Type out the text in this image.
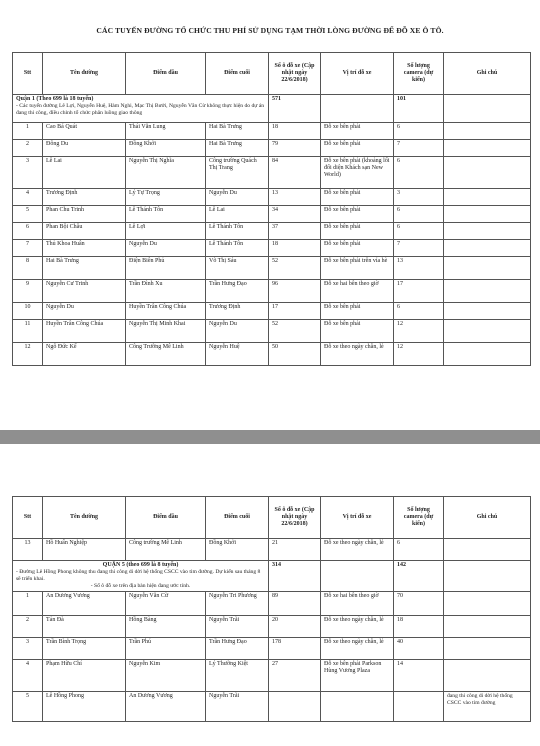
CÁC TUYẾN ĐƯỜNG TỔ CHỨC THU PHÍ SỬ DỤNG TẠM THỜI LÒNG ĐƯỜNG ĐỂ ĐỖ XE Ô TÔ.
Stt	Tên đường	Điểm đầu	Điểm cuối	Số ô đỗ xe (Cập nhật ngày 22/6/2018)	Vị trí đỗ xe	Số lượng camera (dự kiến)	Ghi chú

Quận 1 (Theo 699 là 18 tuyến)
- Các tuyến đường Lê Lợi, Nguyễn Huệ, Hàm Nghi, Mạc Thị Bưởi, Nguyễn Văn Cừ không thực hiện do dự án đang thi công, điều chỉnh tổ chức phân luồng giao thông				571		101	
1	Cao Bá Quát	Thái Văn Lung	Hai Bà Trưng	18	Đỗ xe bên phải	6	
2	Đông Du	Đồng Khởi	Hai Bà Trưng	79	Đỗ xe bên phải	7	
3	Lê Lai	Nguyễn Thị Nghĩa	Công trường Quách Thị Trang	84	Đỗ xe bên phải (khoảng lối đối diện Khách sạn New World)	6	
4	Trương Định	Lý Tự Trọng	Nguyễn Du	13	Đỗ xe bên phải	3	
5	Phan Chu Trinh	Lê Thánh Tôn	Lê Lai	34	Đỗ xe bên phải	6	
6	Phan Bội Châu	Lê Lợi	Lê Thánh Tôn	37	Đỗ xe bên phải	6	
7	Thủ Khoa Huân	Nguyễn Du	Lê Thánh Tôn	18	Đỗ xe bên phải	7	
8	Hai Bà Trưng	Điện Biên Phủ	Võ Thị Sáu	52	Đỗ xe bên phải trên vỉa hè	13	
9	Nguyễn Cư Trinh	Trần Đình Xu	Trần Hưng Đạo	96	Đỗ xe hai bên theo giờ	17	
10	Nguyễn Du	Huyền Trân Công Chúa	Trương Định	17	Đỗ xe bên phải	6	
11	Huyền Trân Công Chúa	Nguyễn Thị Minh Khai	Nguyễn Du	52	Đỗ xe bên phải	12	
12	Ngô Đức Kế	Công Trường Mê Linh	Nguyễn Huệ	50	Đỗ xe theo ngày chẵn, lẻ	12	
Stt	Tên đường	Điểm đầu	Điểm cuối	Số ô đỗ xe (Cập nhật ngày 22/6/2018)	Vị trí đỗ xe	Số lượng camera (dự kiến)	Ghi chú
13	Hồ Huấn Nghiệp	Công trường Mê Linh	Đồng Khởi	21	Đỗ xe theo ngày chẵn, lẻ	6	

QUẬN 5 (theo 699 là 8 tuyến)
- Đường Lê Hồng Phong không thu đang thi công di dời hệ thống CSCC vào tim đường. Dự kiến sau tháng 8 sẽ triển khai.
- Số ô đỗ xe trên địa bàn hiện đang ước tính.				314		142	
1	An Dương Vương	Nguyễn Văn Cừ	Nguyễn Tri Phương	89	Đỗ xe hai bên theo giờ	70	
2	Tản Đà	Hồng Bàng	Nguyễn Trãi	20	Đỗ xe theo ngày chẵn, lẻ	18	
3	Trần Bình Trọng	Trần Phú	Trần Hưng Đạo	178	Đỗ xe theo ngày chẵn, lẻ	40	
4	Phạm Hữu Chí	Nguyễn Kim	Lý Thường Kiệt	27	Đỗ xe bên phải Parkson Hùng Vương Plaza	14	
5	Lê Hồng Phong	An Dương Vương	Nguyễn Trãi				đang thi công di dời hệ thống CSCC vào tim đường
